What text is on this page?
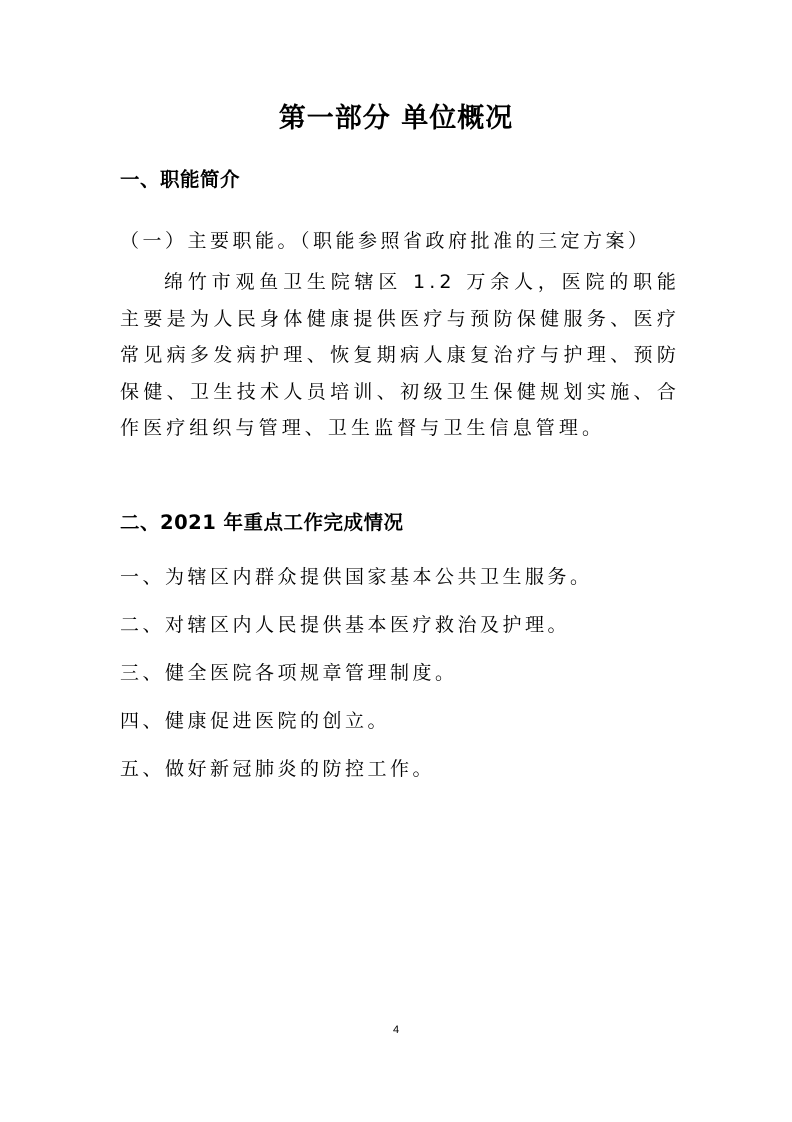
第一部分 单位概况
一、职能简介
（一）主要职能。（职能参照省政府批准的三定方案）

绵竹市观鱼卫生院辖区 1.2 万余人，医院的职能主要是为人民身体健康提供医疗与预防保健服务、医疗常见病多发病护理、恢复期病人康复治疗与护理、预防保健、卫生技术人员培训、初级卫生保健规划实施、合作医疗组织与管理、卫生监督与卫生信息管理。

二、2021 年重点工作完成情况
一、为辖区内群众提供国家基本公共卫生服务。
二、对辖区内人民提供基本医疗救治及护理。
三、健全医院各项规章管理制度。
四、健康促进医院的创立。
五、做好新冠肺炎的防控工作。
4
